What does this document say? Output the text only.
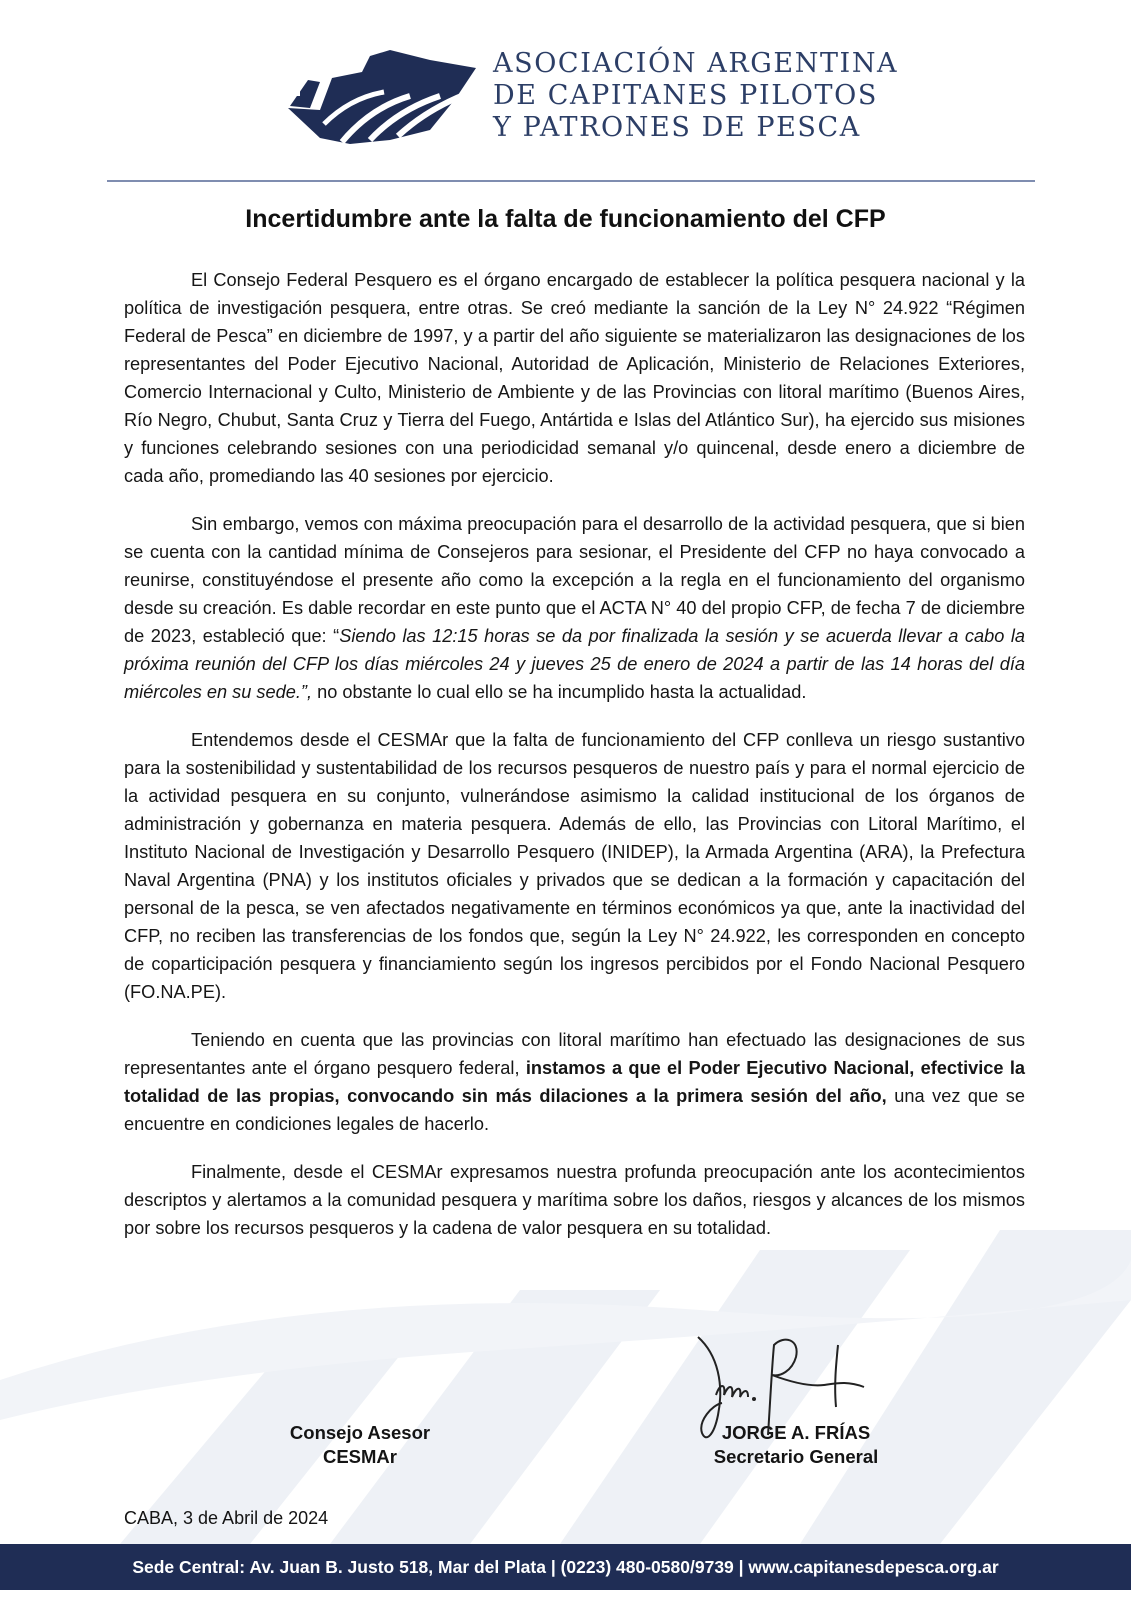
ASOCIACIÓN ARGENTINA
DE CAPITANES PILOTOS
Y PATRONES DE PESCA
Incertidumbre ante la falta de funcionamiento del CFP

El Consejo Federal Pesquero es el órgano encargado de establecer la política pesquera nacional y la política de investigación pesquera, entre otras. Se creó mediante la sanción de la Ley N° 24.922 “Régimen Federal de Pesca” en diciembre de 1997, y a partir del año siguiente se materializaron las designaciones de los representantes del Poder Ejecutivo Nacional, Autoridad de Aplicación, Ministerio de Relaciones Exteriores, Comercio Internacional y Culto, Ministerio de Ambiente y de las Provincias con litoral marítimo (Buenos Aires, Río Negro, Chubut, Santa Cruz y Tierra del Fuego, Antártida e Islas del Atlántico Sur), ha ejercido sus misiones y funciones celebrando sesiones con una periodicidad semanal y/o quincenal, desde enero a diciembre de cada año, promediando las 40 sesiones por ejercicio.

Sin embargo, vemos con máxima preocupación para el desarrollo de la actividad pesquera, que si bien se cuenta con la cantidad mínima de Consejeros para sesionar, el Presidente del CFP no haya convocado a reunirse, constituyéndose el presente año como la excepción a la regla en el funcionamiento del organismo desde su creación. Es dable recordar en este punto que el ACTA N° 40 del propio CFP, de fecha 7 de diciembre de 2023, estableció que: “Siendo las 12:15 horas se da por finalizada la sesión y se acuerda llevar a cabo la próxima reunión del CFP los días miércoles 24 y jueves 25 de enero de 2024 a partir de las 14 horas del día miércoles en su sede.”, no obstante lo cual ello se ha incumplido hasta la actualidad.

Entendemos desde el CESMAr que la falta de funcionamiento del CFP conlleva un riesgo sustantivo para la sostenibilidad y sustentabilidad de los recursos pesqueros de nuestro país y para el normal ejercicio de la actividad pesquera en su conjunto, vulnerándose asimismo la calidad institucional de los órganos de administración y gobernanza en materia pesquera. Además de ello, las Provincias con Litoral Marítimo, el Instituto Nacional de Investigación y Desarrollo Pesquero (INIDEP), la Armada Argentina (ARA), la Prefectura Naval Argentina (PNA) y los institutos oficiales y privados que se dedican a la formación y capacitación del personal de la pesca, se ven afectados negativamente en términos económicos ya que, ante la inactividad del CFP, no reciben las transferencias de los fondos que, según la Ley N° 24.922, les corresponden en concepto de coparticipación pesquera y financiamiento según los ingresos percibidos por el Fondo Nacional Pesquero (FO.NA.PE).

Teniendo en cuenta que las provincias con litoral marítimo han efectuado las designaciones de sus representantes ante el órgano pesquero federal, instamos a que el Poder Ejecutivo Nacional, efectivice la totalidad de las propias, convocando sin más dilaciones a la primera sesión del año, una vez que se encuentre en condiciones legales de hacerlo.

Finalmente, desde el CESMAr expresamos nuestra profunda preocupación ante los acontecimientos descriptos y alertamos a la comunidad pesquera y marítima sobre los daños, riesgos y alcances de los mismos por sobre los recursos pesqueros y la cadena de valor pesquera en su totalidad.

Consejo Asesor
CESMAr
JORGE A. FRÍAS
Secretario General
CABA, 3 de Abril de 2024
Sede Central: Av. Juan B. Justo 518, Mar del Plata | (0223) 480-0580/9739 | www.capitanesdepesca.org.ar
